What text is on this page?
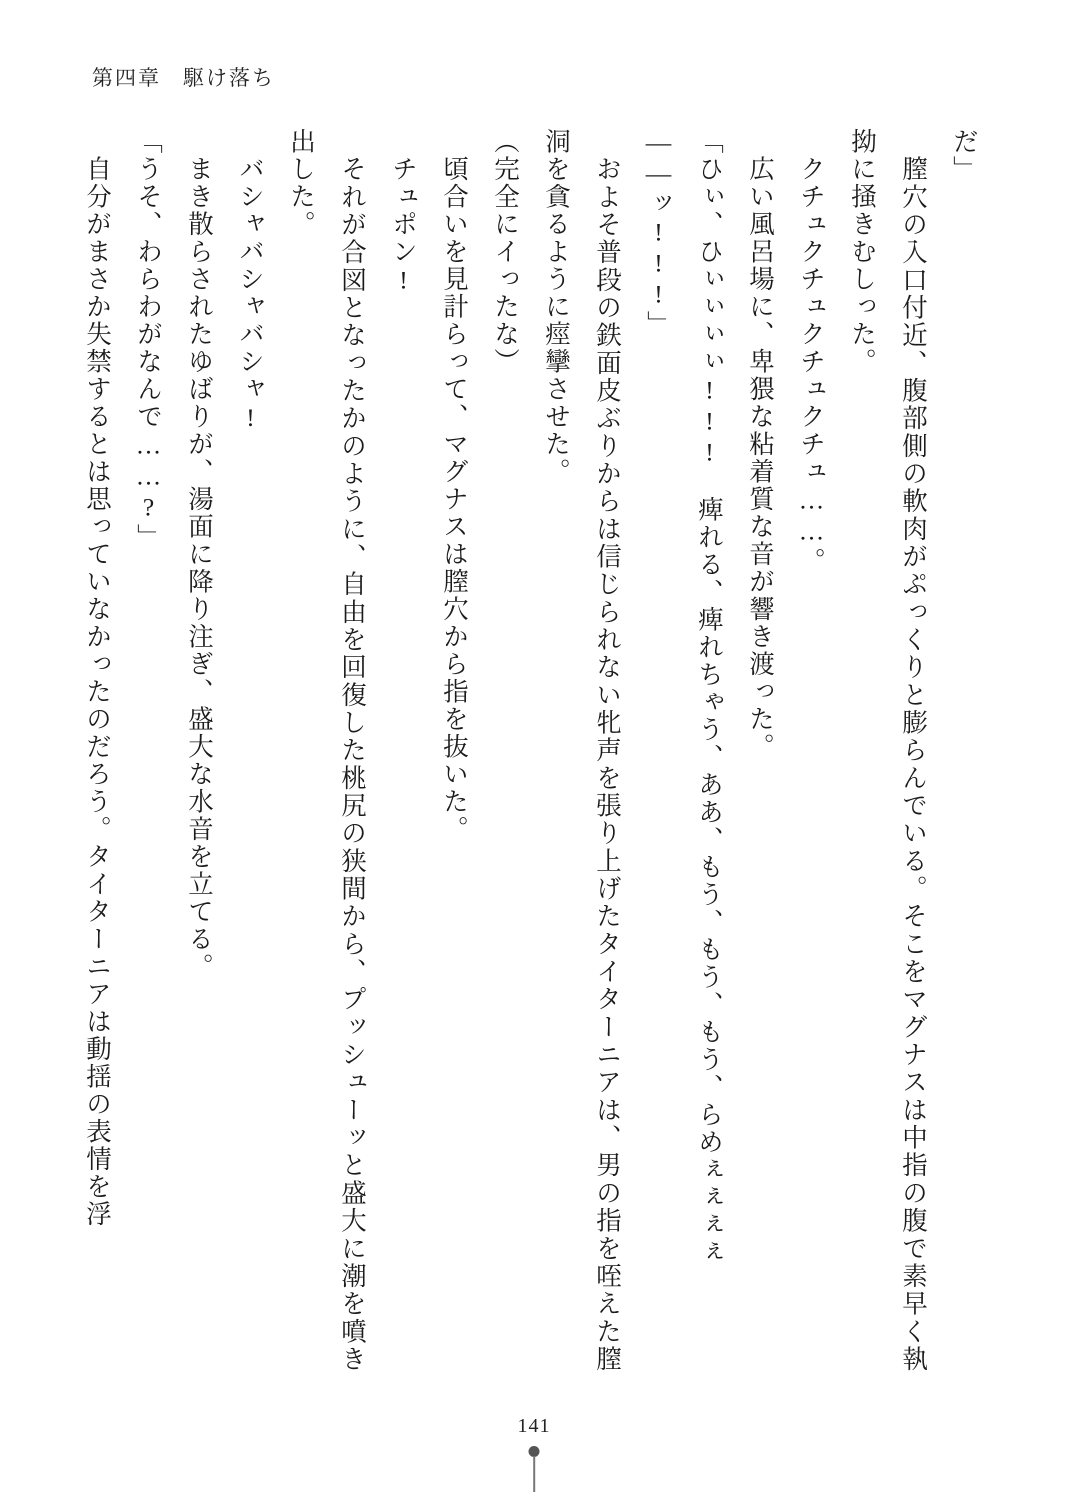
第四章 駆け落ち

だ」

　膣穴の入口付近、腹部側の軟肉がぷっくりと膨らんでいる。そこをマグナスは中指の腹で素早く執拗に掻きむしった。

　クチュクチュクチュクチュ……。

　広い風呂場に、卑猥な粘着質な音が響き渡った。

「ひぃ、ひぃぃぃぃ!!!　痺れる、痺れちゃう、ああ、もう、もう、もう、らめぇぇぇぇ

――ッ!!!」

　およそ普段の鉄面皮ぶりからは信じられない牝声を張り上げたタイターニアは、男の指を咥えた膣洞を貪るように痙攣させた。

（完全にイったな）

　頃合いを見計らって、マグナスは膣穴から指を抜いた。

　チュポン!

　それが合図となったかのように、自由を回復した桃尻の狭間から、プッシューッと盛大に潮を噴き出した。

　バシャバシャバシャ!

　まき散らされたゆばりが、湯面に降り注ぎ、盛大な水音を立てる。

「うそ、わらわがなんで……?」

　自分がまさか失禁するとは思っていなかったのだろう。タイターニアは動揺の表情を浮

141
